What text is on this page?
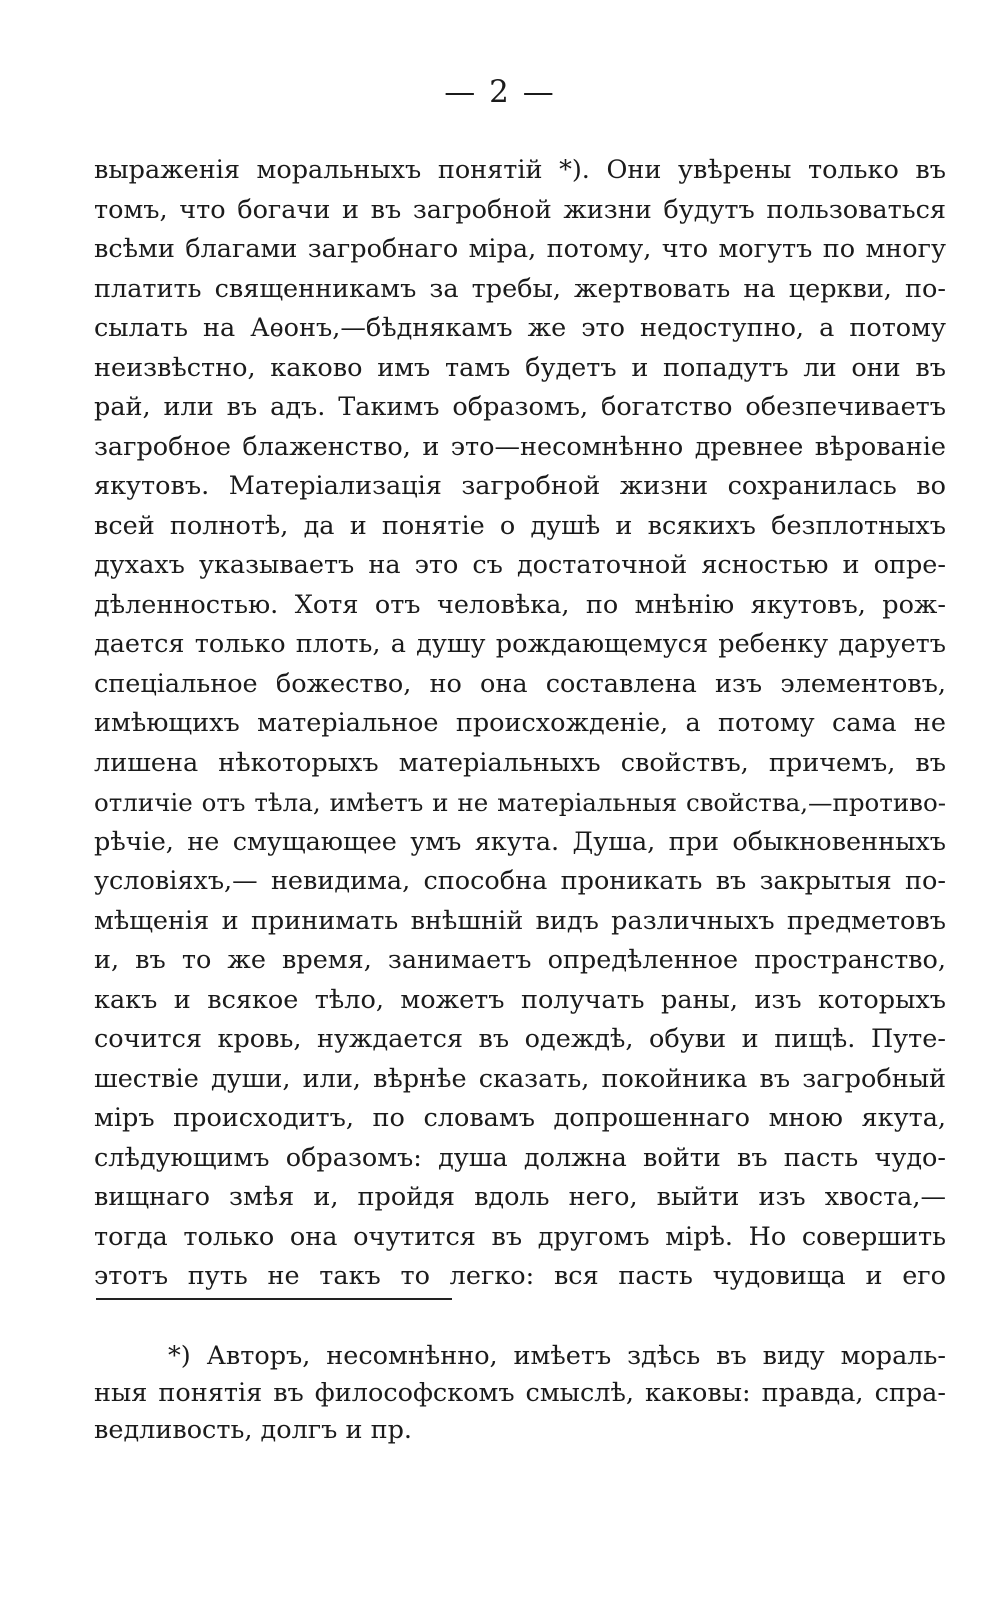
— 2 —
выраженія моральныхъ понятій *). Они увѣрены только въ
томъ, что богачи и въ загробной жизни будутъ пользоваться
всѣми благами загробнаго міра, потому, что могутъ по многу
платить священникамъ за требы, жертвовать на церкви, по-
сылать на Аѳонъ,—бѣднякамъ же это недоступно, а потому
неизвѣстно, каково имъ тамъ будетъ и попадутъ ли они въ
рай, или въ адъ. Такимъ образомъ, богатство обезпечиваетъ
загробное блаженство, и это—несомнѣнно древнее вѣрованіе
якутовъ. Матеріализація загробной жизни сохранилась во
всей полнотѣ, да и понятіе о душѣ и всякихъ безплотныхъ
духахъ указываетъ на это съ достаточной ясностью и опре-
дѣленностью. Хотя отъ человѣка, по мнѣнію якутовъ, рож-
дается только плоть, а душу рождающемуся ребенку даруетъ
спеціальное божество, но она составлена изъ элементовъ,
имѣющихъ матеріальное происхожденіе, а потому сама не
лишена нѣкоторыхъ матеріальныхъ свойствъ, причемъ, въ
отличіе отъ тѣла, имѣетъ и не матеріальныя свойства,—противо-
рѣчіе, не смущающее умъ якута. Душа, при обыкновенныхъ
условіяхъ,— невидима, способна проникать въ закрытыя по-
мѣщенія и принимать внѣшній видъ различныхъ предметовъ
и, въ то же время, занимаетъ опредѣленное пространство,
какъ и всякое тѣло, можетъ получать раны, изъ которыхъ
сочится кровь, нуждается въ одеждѣ, обуви и пищѣ. Путе-
шествіе души, или, вѣрнѣе сказать, покойника въ загробный
міръ происходитъ, по словамъ допрошеннаго мною якута,
слѣдующимъ образомъ: душа должна войти въ пасть чудо-
вищнаго змѣя и, пройдя вдоль него, выйти изъ хвоста,—
тогда только она очутится въ другомъ мірѣ. Но совершить
этотъ путь не такъ то легко: вся пасть чудовища и его
*) Авторъ, несомнѣнно, имѣетъ здѣсь въ виду мораль-
ныя понятія въ философскомъ смыслѣ, каковы: правда, спра-
ведливость, долгъ и пр.
